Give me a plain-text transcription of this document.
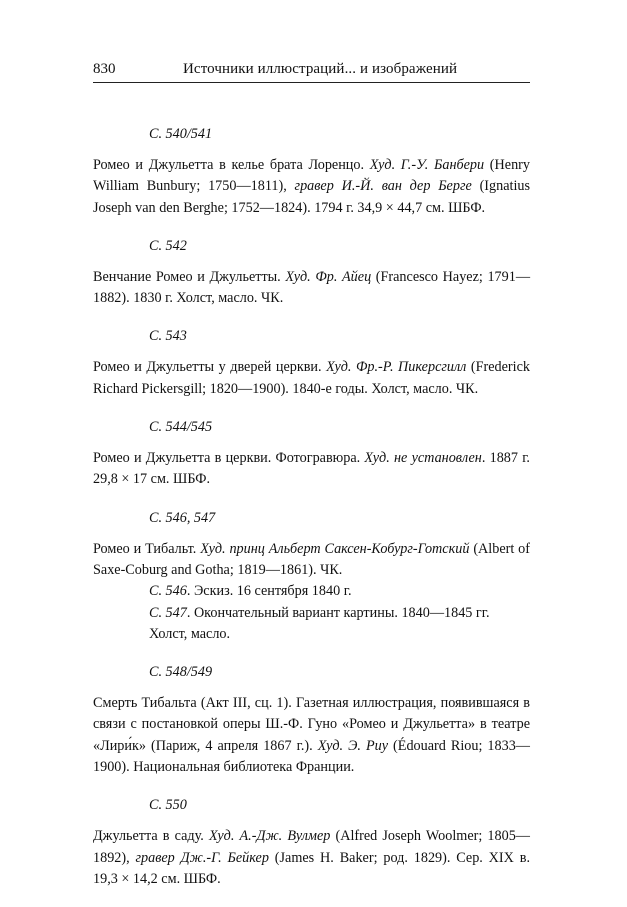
830	Источники иллюстраций... и изображений
С. 540/541
Ромео и Джульетта в келье брата Лоренцо. Худ. Г.-У. Банбери (Henry William Bunbury; 1750—1811), гравер И.-Й. ван дер Берге (Ignatius Joseph van den Berghe; 1752—1824). 1794 г. 34,9 × 44,7 см. ШБФ.
С. 542
Венчание Ромео и Джульетты. Худ. Фр. Айец (Francesco Hayez; 1791—1882). 1830 г. Холст, масло. ЧК.
С. 543
Ромео и Джульетты у дверей церкви. Худ. Фр.-Р. Пикерсгилл (Frederick Richard Pickersgill; 1820—1900). 1840-е годы. Холст, масло. ЧК.
С. 544/545
Ромео и Джульетта в церкви. Фотогравюра. Худ. не установлен. 1887 г. 29,8 × 17 см. ШБФ.
С. 546, 547
Ромео и Тибальт. Худ. принц Альберт Саксен-Кобург-Готский (Albert of Saxe-Coburg and Gotha; 1819—1861). ЧК.
С. 546. Эскиз. 16 сентября 1840 г.
С. 547. Окончательный вариант картины. 1840—1845 гг. Холст, масло.
С. 548/549
Смерть Тибальта (Акт III, сц. 1). Газетная иллюстрация, появившаяся в связи с постановкой оперы Ш.-Ф. Гуно «Ромео и Джульетта» в театре «Лири́к» (Париж, 4 апреля 1867 г.). Худ. Э. Риу (Édouard Riou; 1833—1900). Национальная библиотека Франции.
С. 550
Джульетта в саду. Худ. А.-Дж. Вулмер (Alfred Joseph Woolmer; 1805—1892), гравер Дж.-Г. Бейкер (James H. Baker; род. 1829). Сер. XIX в. 19,3 × 14,2 см. ШБФ.
